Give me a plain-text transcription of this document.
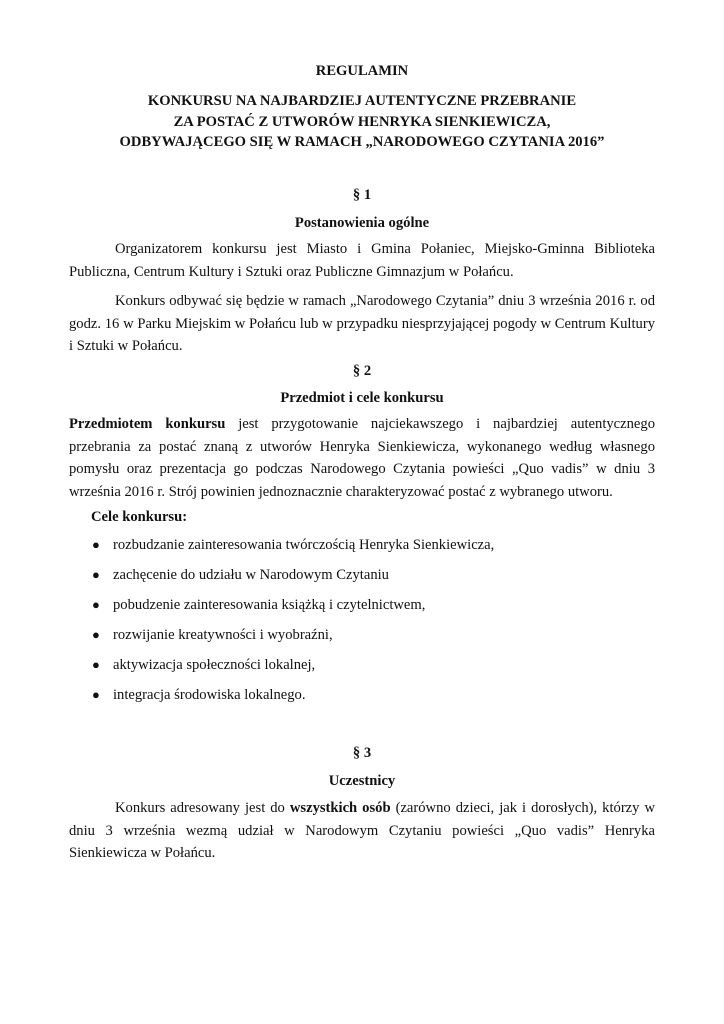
REGULAMIN

KONKURSU NA NAJBARDZIEJ AUTENTYCZNE PRZEBRANIE

ZA POSTAĆ Z UTWORÓW HENRYKA SIENKIEWICZA,

ODBYWAJĄCEGO SIĘ W RAMACH „NARODOWEGO CZYTANIA 2016”

§ 1

Postanowienia ogólne

Organizatorem konkursu jest Miasto i Gmina Połaniec, Miejsko-Gminna Biblioteka Publiczna, Centrum Kultury i Sztuki oraz Publiczne Gimnazjum w Połańcu.

Konkurs odbywać się będzie w ramach „Narodowego Czytania” dniu 3 września 2016 r. od godz. 16 w Parku Miejskim w Połańcu lub w przypadku niesprzyjającej pogody w Centrum Kultury i Sztuki w Połańcu.

§ 2

Przedmiot i cele konkursu

Przedmiotem konkursu jest przygotowanie najciekawszego i najbardziej autentycznego przebrania za postać znaną z utworów Henryka Sienkiewicza, wykonanego według własnego pomysłu oraz prezentacja go podczas Narodowego Czytania powieści „Quo vadis” w dniu 3 września 2016 r. Strój powinien jednoznacznie charakteryzować postać z wybranego utworu.

Cele konkursu:
● rozbudzanie zainteresowania twórczością Henryka Sienkiewicza,
● zachęcenie do udziału w Narodowym Czytaniu
● pobudzenie zainteresowania książką i czytelnictwem,
● rozwijanie kreatywności i wyobraźni,
● aktywizacja społeczności lokalnej,
● integracja środowiska lokalnego.

§ 3

Uczestnicy

Konkurs adresowany jest do wszystkich osób (zarówno dzieci, jak i dorosłych), którzy w dniu 3 września wezmą udział w Narodowym Czytaniu powieści „Quo vadis” Henryka Sienkiewicza w Połańcu.
